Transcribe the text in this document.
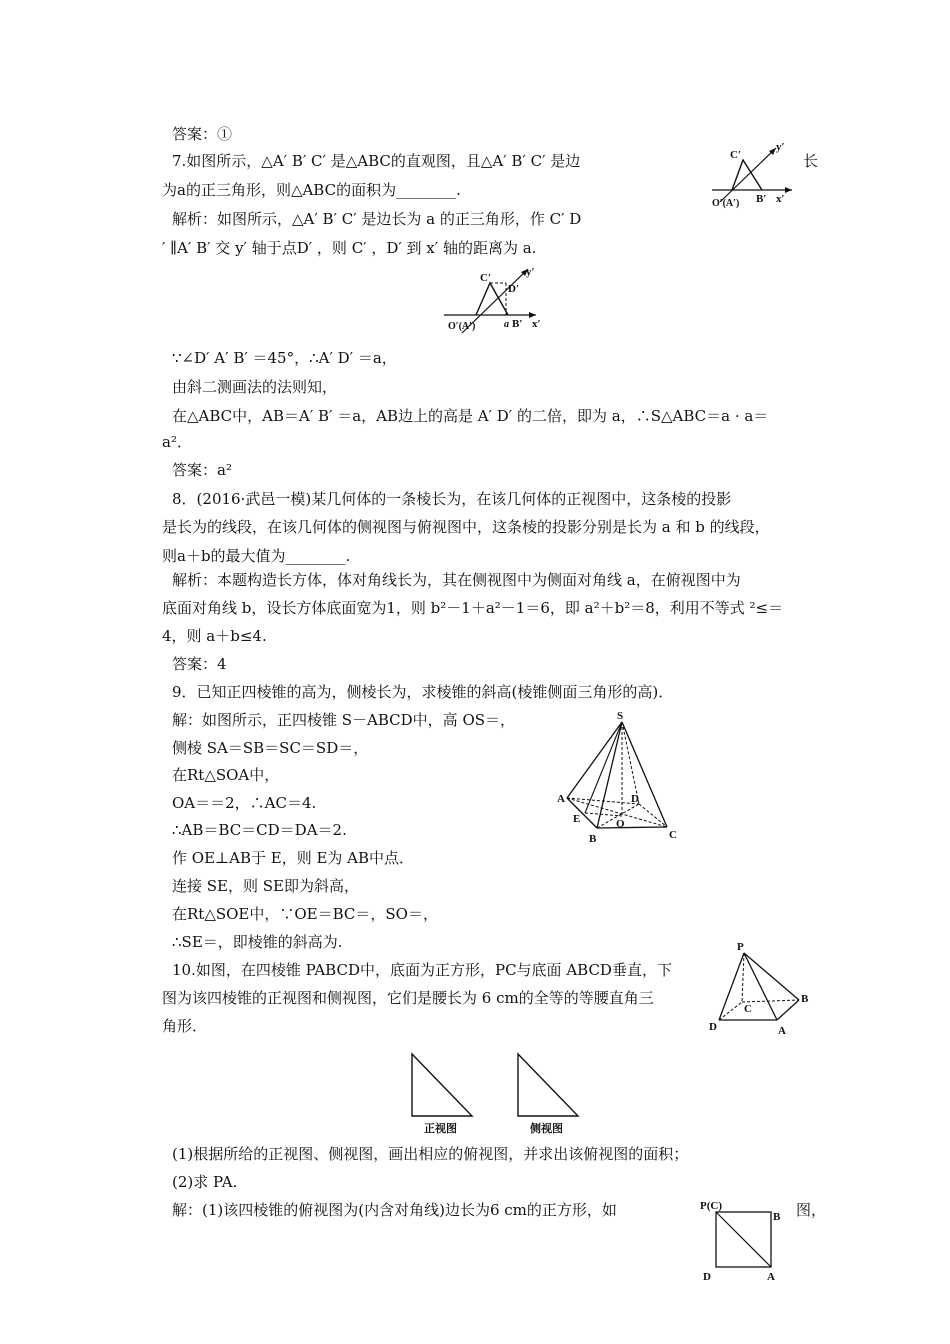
答案：①
7.如图所示，△A′ B′ C′ 是△ABC的直观图，且△A′ B′ C′ 是边	长
为a的正三角形，则△ABC的面积为________.
解析：如图所示，△A′ B′ C′ 是边长为 a 的正三角形，作 C′ D
′ ∥A′ B′ 交 y′ 轴于点D′ ，则 C′ ，D′ 到 x′ 轴的距离为 a.
∵∠D′ A′ B′ ＝45°，∴A′ D′ ＝a，
由斜二测画法的法则知，
在△ABC中，AB＝A′ B′ ＝a，AB边上的高是 A′ D′ 的二倍，即为 a，∴S△ABC＝a · a＝
a²．
答案：a²
8．(2016·武邑一模)某几何体的一条棱长为，在该几何体的正视图中，这条棱的投影
是长为的线段，在该几何体的侧视图与俯视图中，这条棱的投影分别是长为 a 和 b 的线段，
则a＋b的最大值为________.
解析：本题构造长方体，体对角线长为，其在侧视图中为侧面对角线 a，在俯视图中为
底面对角线 b，设长方体底面宽为1，则 b²－1＋a²－1＝6，即 a²＋b²＝8，利用不等式 ²≤＝
4，则 a＋b≤4.
答案：4
9．已知正四棱锥的高为，侧棱长为，求棱锥的斜高(棱锥侧面三角形的高)．
解：如图所示，正四棱锥 S－ABCD中，高 OS＝，
侧棱 SA＝SB＝SC＝SD＝，
在Rt△SOA中，
OA＝＝2，∴AC＝4.
∴AB＝BC＝CD＝DA＝2.
作 OE⊥AB于 E，则 E为 AB中点．
连接 SE，则 SE即为斜高，
在Rt△SOE中，∵OE＝BC＝，SO＝，
∴SE＝，即棱锥的斜高为.
10.如图，在四棱锥 PABCD中，底面为正方形，PC与底面 ABCD垂直，下
图为该四棱锥的正视图和侧视图，它们是腰长为 6 cm的全等的等腰直角三
角形．
(1)根据所给的正视图、侧视图，画出相应的俯视图，并求出该俯视图的面积；
(2)求 PA.
解：(1)该四棱锥的俯视图为(内含对角线)边长为6 cm的正方形，如	图，
C′
y′
O′(A′) B′ x′
C′
D′
y′
O′(A′)	a B′ x′
S
A	D
E	O
B	C
P
B
C
D	A
正视图	侧视图
P(C)
B
D	A
